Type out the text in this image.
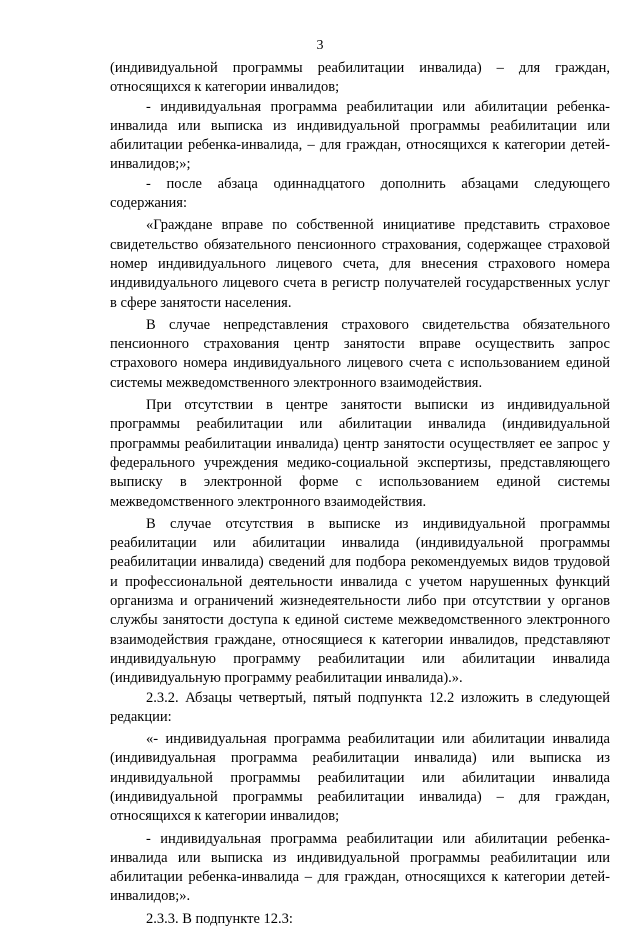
3

(индивидуальной программы реабилитации инвалида) – для граждан, относящихся к категории инвалидов;

- индивидуальная программа реабилитации или абилитации ребенка-инвалида или выписка из индивидуальной программы реабилитации или абилитации ребенка-инвалида, – для граждан, относящихся к категории детей-инвалидов;»;

- после абзаца одиннадцатого дополнить абзацами следующего содержания:

«Граждане вправе по собственной инициативе представить страховое свидетельство обязательного пенсионного страхования, содержащее страховой номер индивидуального лицевого счета, для внесения страхового номера индивидуального лицевого счета в регистр получателей государственных услуг в сфере занятости населения.

В случае непредставления страхового свидетельства обязательного пенсионного страхования центр занятости вправе осуществить запрос страхового номера индивидуального лицевого счета с использованием единой системы межведомственного электронного взаимодействия.

При отсутствии в центре занятости выписки из индивидуальной программы реабилитации или абилитации инвалида (индивидуальной программы реабилитации инвалида) центр занятости осуществляет ее запрос у федерального учреждения медико-социальной экспертизы, представляющего выписку в электронной форме с использованием единой системы межведомственного электронного взаимодействия.

В случае отсутствия в выписке из индивидуальной программы реабилитации или абилитации инвалида (индивидуальной программы реабилитации инвалида) сведений для подбора рекомендуемых видов трудовой и профессиональной деятельности инвалида с учетом нарушенных функций организма и ограничений жизнедеятельности либо при отсутствии у органов службы занятости доступа к единой системе межведомственного электронного взаимодействия граждане, относящиеся к категории инвалидов, представляют индивидуальную программу реабилитации или абилитации инвалида (индивидуальную программу реабилитации инвалида).».

2.3.2. Абзацы четвертый, пятый подпункта 12.2 изложить в следующей редакции:

«- индивидуальная программа реабилитации или абилитации инвалида (индивидуальная программа реабилитации инвалида) или выписка из индивидуальной программы реабилитации или абилитации инвалида (индивидуальной программы реабилитации инвалида) – для граждан, относящихся к категории инвалидов;

- индивидуальная программа реабилитации или абилитации ребенка-инвалида или выписка из индивидуальной программы реабилитации или абилитации ребенка-инвалида – для граждан, относящихся к категории детей- инвалидов;».

2.3.3. В подпункте 12.3:
